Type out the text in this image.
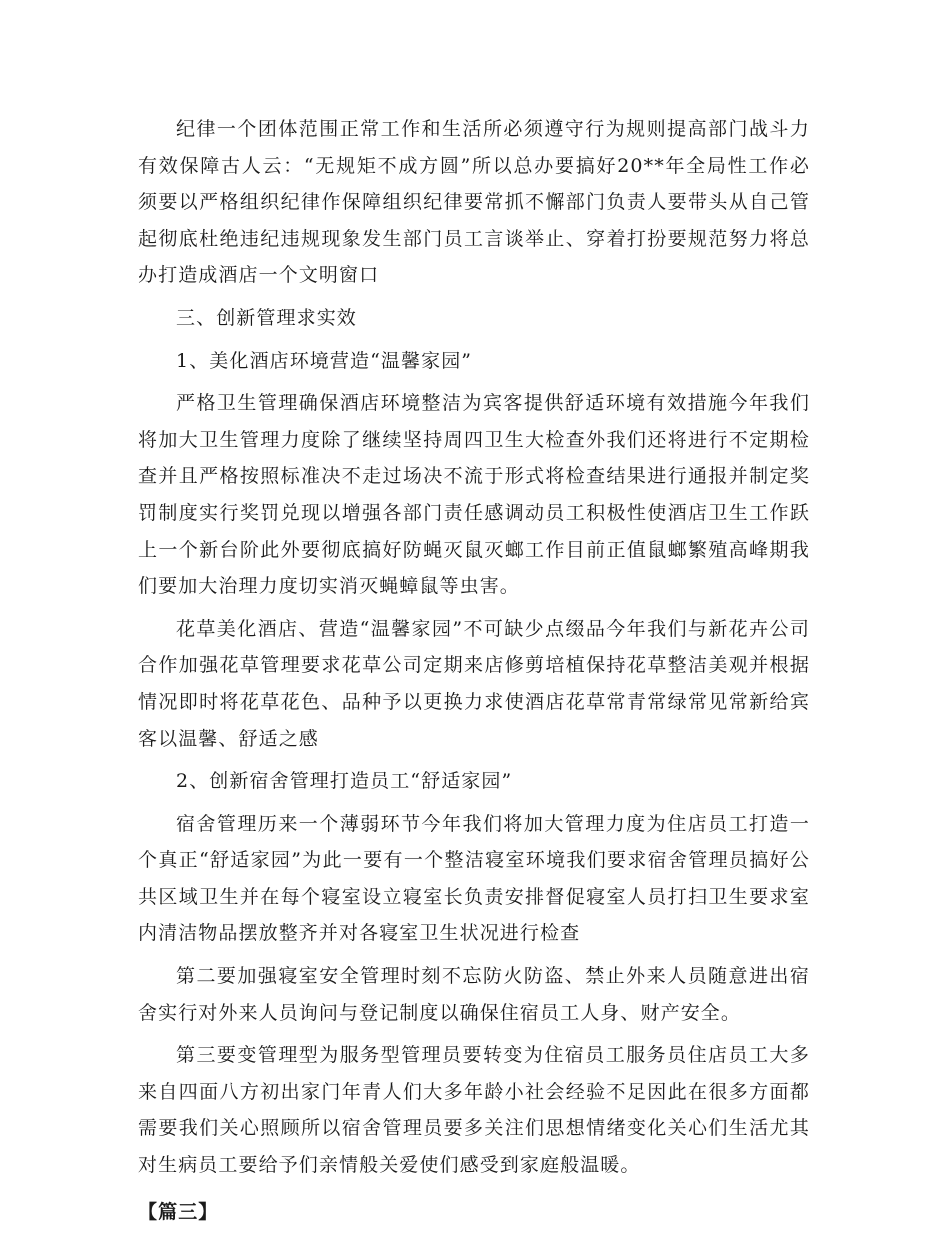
纪律一个团体范围正常工作和生活所必须遵守行为规则提高部门战斗力有效保障古人云：“无规矩不成方圆”所以总办要搞好20**年全局性工作必须要以严格组织纪律作保障组织纪律要常抓不懈部门负责人要带头从自己管起彻底杜绝违纪违规现象发生部门员工言谈举止、穿着打扮要规范努力将总办打造成酒店一个文明窗口

三、创新管理求实效

1、美化酒店环境营造“温馨家园”

严格卫生管理确保酒店环境整洁为宾客提供舒适环境有效措施今年我们将加大卫生管理力度除了继续坚持周四卫生大检查外我们还将进行不定期检查并且严格按照标准决不走过场决不流于形式将检查结果进行通报并制定奖罚制度实行奖罚兑现以增强各部门责任感调动员工积极性使酒店卫生工作跃上一个新台阶此外要彻底搞好防蝇灭鼠灭螂工作目前正值鼠螂繁殖高峰期我们要加大治理力度切实消灭蝇蟑鼠等虫害。

花草美化酒店、营造“温馨家园”不可缺少点缀品今年我们与新花卉公司合作加强花草管理要求花草公司定期来店修剪培植保持花草整洁美观并根据情况即时将花草花色、品种予以更换力求使酒店花草常青常绿常见常新给宾客以温馨、舒适之感

2、创新宿舍管理打造员工“舒适家园”

宿舍管理历来一个薄弱环节今年我们将加大管理力度为住店员工打造一个真正“舒适家园”为此一要有一个整洁寝室环境我们要求宿舍管理员搞好公共区域卫生并在每个寝室设立寝室长负责安排督促寝室人员打扫卫生要求室内清洁物品摆放整齐并对各寝室卫生状况进行检查

第二要加强寝室安全管理时刻不忘防火防盗、禁止外来人员随意进出宿舍实行对外来人员询问与登记制度以确保住宿员工人身、财产安全。

第三要变管理型为服务型管理员要转变为住宿员工服务员住店员工大多来自四面八方初出家门年青人们大多年龄小社会经验不足因此在很多方面都需要我们关心照顾所以宿舍管理员要多关注们思想情绪变化关心们生活尤其对生病员工要给予们亲情般关爱使们感受到家庭般温暖。

【篇三】
